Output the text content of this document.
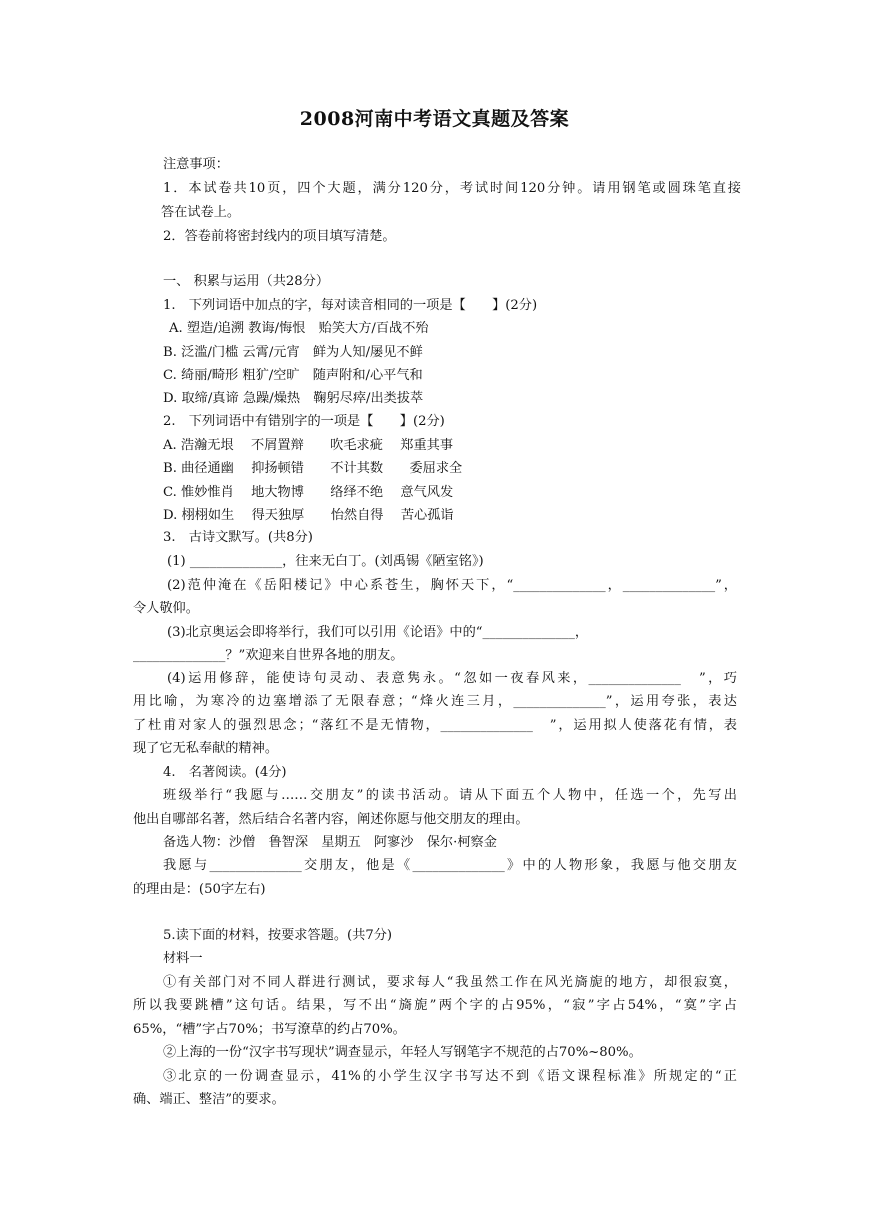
2008河南中考语文真题及答案
注意事项：
1．本试卷共10页，四个大题，满分120分，考试时间120分钟。请用钢笔或圆珠笔直接
答在试卷上。
2．答卷前将密封线内的项目填写清楚。
一、 积累与运用（共28分）
1.　下列词语中加点的字，每对读音相同的一项是【　　】(2分)
A. 塑造/追溯 教诲/悔恨　贻笑大方/百战不殆
B. 泛滥/门槛 云霄/元宵　鲜为人知/屡见不鲜
C. 绮丽/畸形 粗犷/空旷　随声附和/心平气和
D. 取缔/真谛 急躁/燥热　鞠躬尽瘁/出类拔萃
2.　下列词语中有错别字的一项是【　　】(2分)
A. 浩瀚无垠　 不屑置辩　　吹毛求疵　 郑重其事
B. 曲径通幽　 抑扬顿错　　不计其数　　委屈求全
C. 惟妙惟肖　 地大物博　　络绎不绝　 意气风发
D. 栩栩如生　 得天独厚　　怡然自得　 苦心孤诣
3.　古诗文默写。(共8分)
(1) ______________，往来无白丁。(刘禹锡《陋室铭》)
(2)范仲淹在《岳阳楼记》中心系苍生，胸怀天下，“______________，______________”，
令人敬仰。
(3)北京奥运会即将举行，我们可以引用《论语》中的“______________，
______________？”欢迎来自世界各地的朋友。
(4)运用修辞，能使诗句灵动、表意隽永。“忽如一夜春风来，______________　”，巧
用比喻，为寒冷的边塞增添了无限春意；“烽火连三月，______________”，运用夸张，表达
了杜甫对家人的强烈思念；“落红不是无情物，______________　”，运用拟人使落花有情，表
现了它无私奉献的精神。
4.　名著阅读。(4分)
班级举行“我愿与……交朋友”的读书活动。请从下面五个人物中，任选一个，先写出
他出自哪部名著，然后结合名著内容，阐述你愿与他交朋友的理由。
备选人物：沙僧　鲁智深　星期五　阿寥沙　保尔·柯察金
我愿与______________交朋友，他是《______________》中的人物形象，我愿与他交朋友
的理由是：(50字左右)
5.读下面的材料，按要求答题。(共7分)
材料一
①有关部门对不同人群进行测试，要求每人“我虽然工作在风光旖旎的地方，却很寂寞，
所以我要跳槽”这句话。结果，写不出“旖旎”两个字的占95%，“寂”字占54%，“寞”字占
65%，“槽”字占70%；书写潦草的约占70%。
②上海的一份“汉字书写现状”调查显示，年轻人写钢笔字不规范的占70%~80%。
③北京的一份调查显示，41%的小学生汉字书写达不到《语文课程标准》所规定的“正
确、端正、整洁”的要求。
